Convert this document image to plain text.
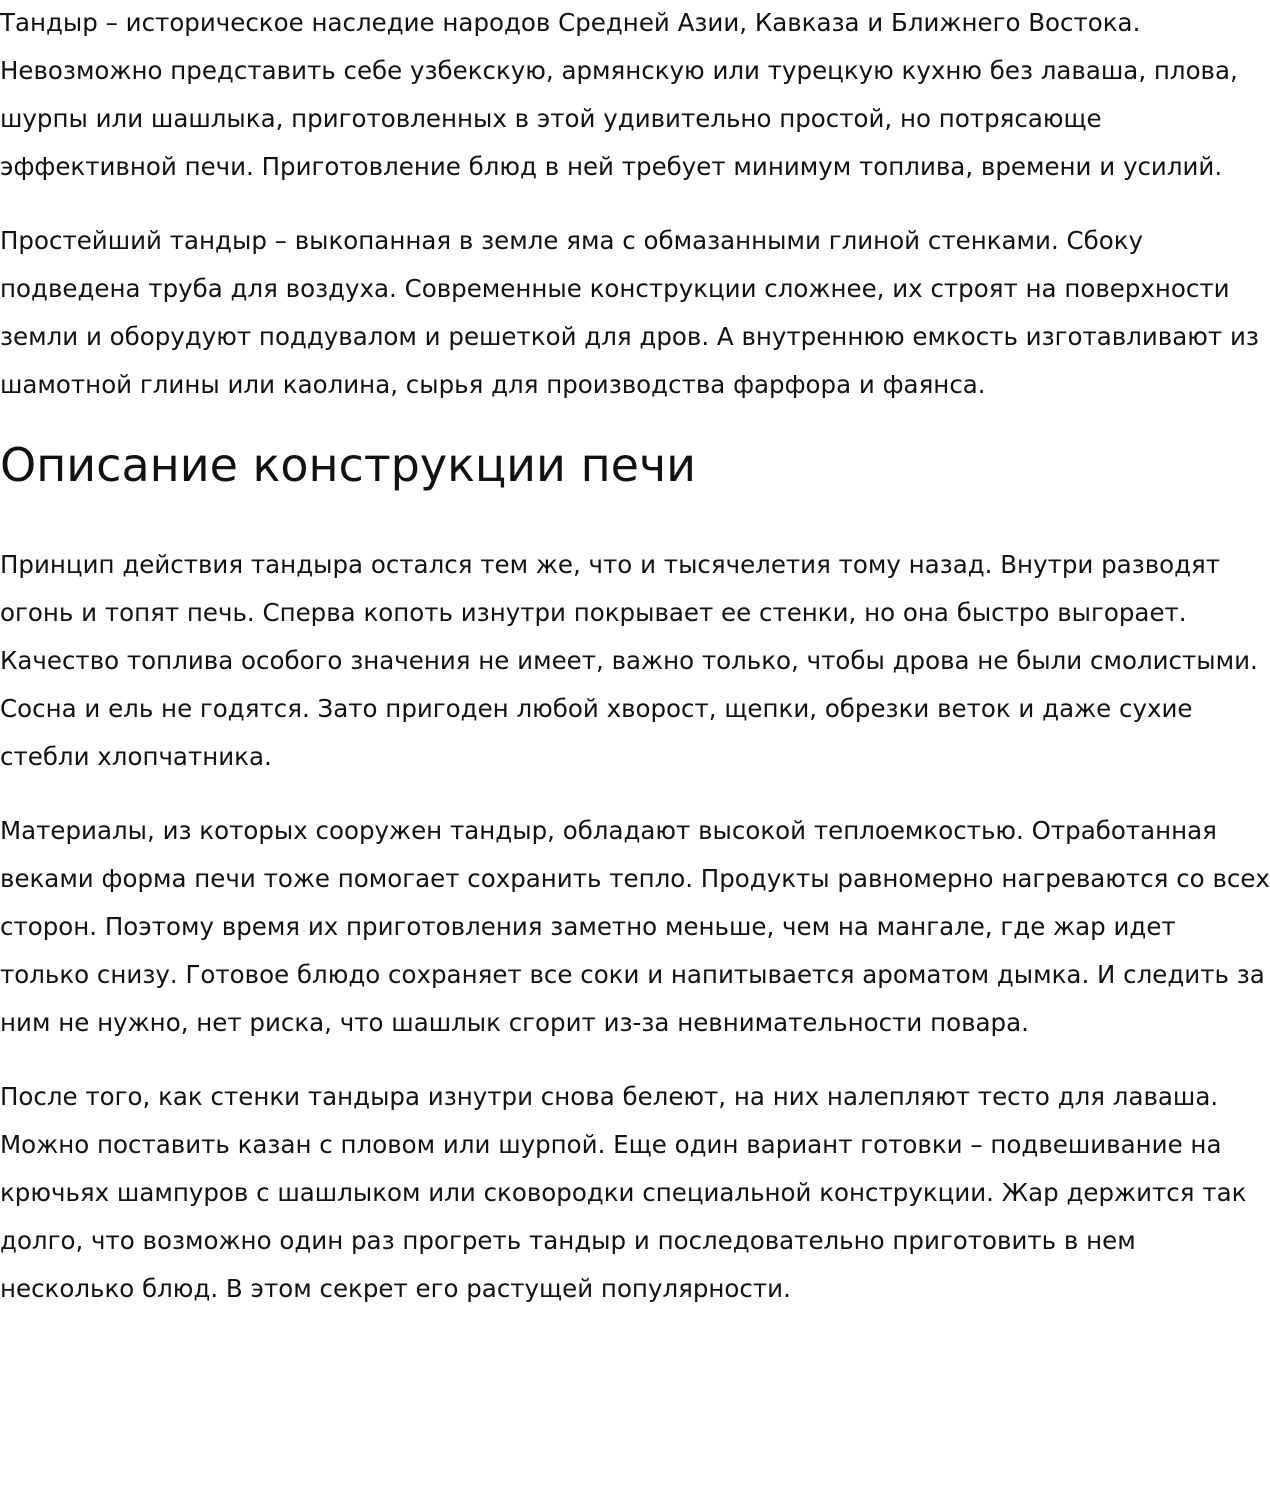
Тандыр – историческое наследие народов Средней Азии, Кавказа и Ближнего Востока. Невозможно представить себе узбекскую, армянскую или турецкую кухню без лаваша, плова, шурпы или шашлыка, приготовленных в этой удивительно простой, но потрясающе эффективной печи. Приготовление блюд в ней требует минимум топлива, времени и усилий.

Простейший тандыр – выкопанная в земле яма с обмазанными глиной стенками. Сбоку подведена труба для воздуха. Современные конструкции сложнее, их строят на поверхности земли и оборудуют поддувалом и решеткой для дров. А внутреннюю емкость изготавливают из шамотной глины или каолина, сырья для производства фарфора и фаянса.

Описание конструкции печи

Принцип действия тандыра остался тем же, что и тысячелетия тому назад. Внутри разводят огонь и топят печь. Сперва копоть изнутри покрывает ее стенки, но она быстро выгорает. Качество топлива особого значения не имеет, важно только, чтобы дрова не были смолистыми. Сосна и ель не годятся. Зато пригоден любой хворост, щепки, обрезки веток и даже сухие стебли хлопчатника.

Материалы, из которых сооружен тандыр, обладают высокой теплоемкостью. Отработанная веками форма печи тоже помогает сохранить тепло. Продукты равномерно нагреваются со всех сторон. Поэтому время их приготовления заметно меньше, чем на мангале, где жар идет только снизу. Готовое блюдо сохраняет все соки и напитывается ароматом дымка. И следить за ним не нужно, нет риска, что шашлык сгорит из-за невнимательности повара.

После того, как стенки тандыра изнутри снова белеют, на них налепляют тесто для лаваша. Можно поставить казан с пловом или шурпой. Еще один вариант готовки – подвешивание на крючьях шампуров с шашлыком или сковородки специальной конструкции. Жар держится так долго, что возможно один раз прогреть тандыр и последовательно приготовить в нем несколько блюд. В этом секрет его растущей популярности.
